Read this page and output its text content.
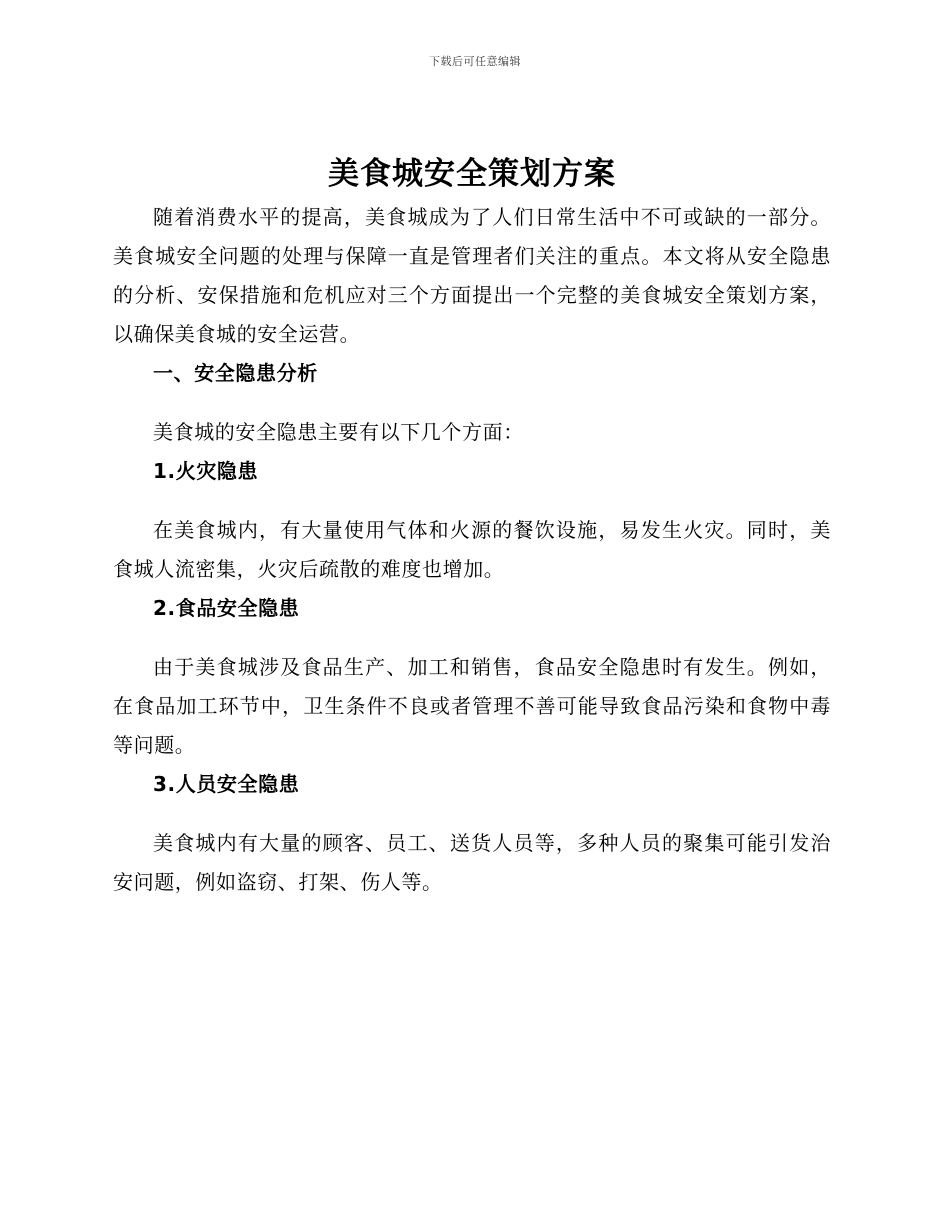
下载后可任意编辑
美食城安全策划方案

随着消费水平的提高，美食城成为了人们日常生活中不可或缺的一部分。美食城安全问题的处理与保障一直是管理者们关注的重点。本文将从安全隐患的分析、安保措施和危机应对三个方面提出一个完整的美食城安全策划方案，以确保美食城的安全运营。

一、安全隐患分析

美食城的安全隐患主要有以下几个方面：

1.火灾隐患

在美食城内，有大量使用气体和火源的餐饮设施，易发生火灾。同时，美食城人流密集，火灾后疏散的难度也增加。

2.食品安全隐患

由于美食城涉及食品生产、加工和销售，食品安全隐患时有发生。例如，在食品加工环节中，卫生条件不良或者管理不善可能导致食品污染和食物中毒等问题。

3.人员安全隐患

美食城内有大量的顾客、员工、送货人员等，多种人员的聚集可能引发治安问题，例如盗窃、打架、伤人等。
